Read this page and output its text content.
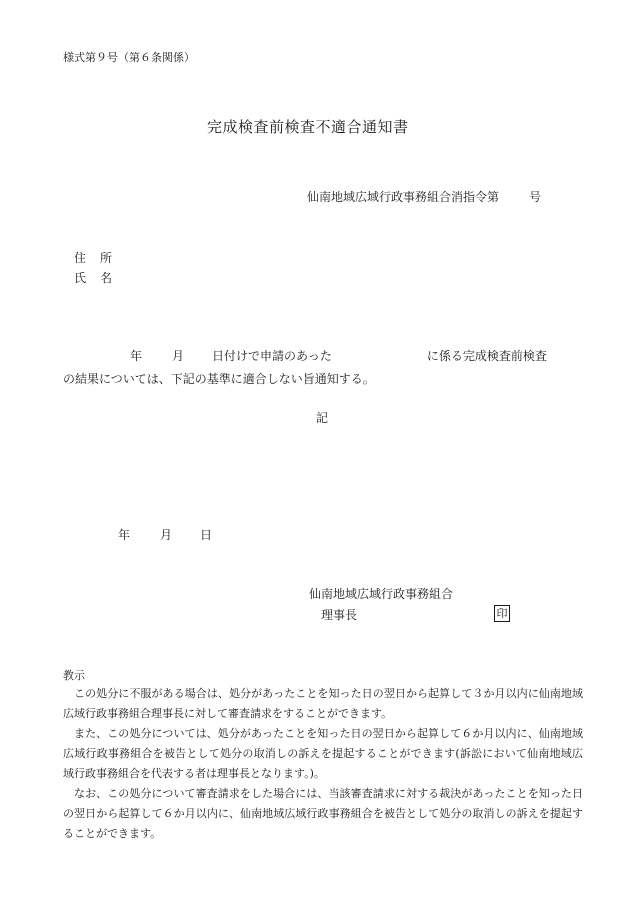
様式第９号（第６条関係）
完成検査前検査不適合通知書
仙南地域広域行政事務組合消指令第	号
住 所
氏 名
年	月 日付けで申請のあった	に係る完成検査前検査
の結果については、下記の基準に適合しない旨通知する。
記
年	月 日
仙南地域広域行政事務組合
理事長	印
教示
この処分に不服がある場合は、処分があったことを知った日の翌日から起算して３か月以内に仙南地域広域行政事務組合理事長に対して審査請求をすることができます。
また、この処分については、処分があったことを知った日の翌日から起算して６か月以内に、仙南地域広域行政事務組合を被告として処分の取消しの訴えを提起することができます(訴訟において仙南地域広域行政事務組合を代表する者は理事長となります。)。
なお、この処分について審査請求をした場合には、当該審査請求に対する裁決があったことを知った日の翌日から起算して６か月以内に、仙南地域広域行政事務組合を被告として処分の取消しの訴えを提起することができます。
